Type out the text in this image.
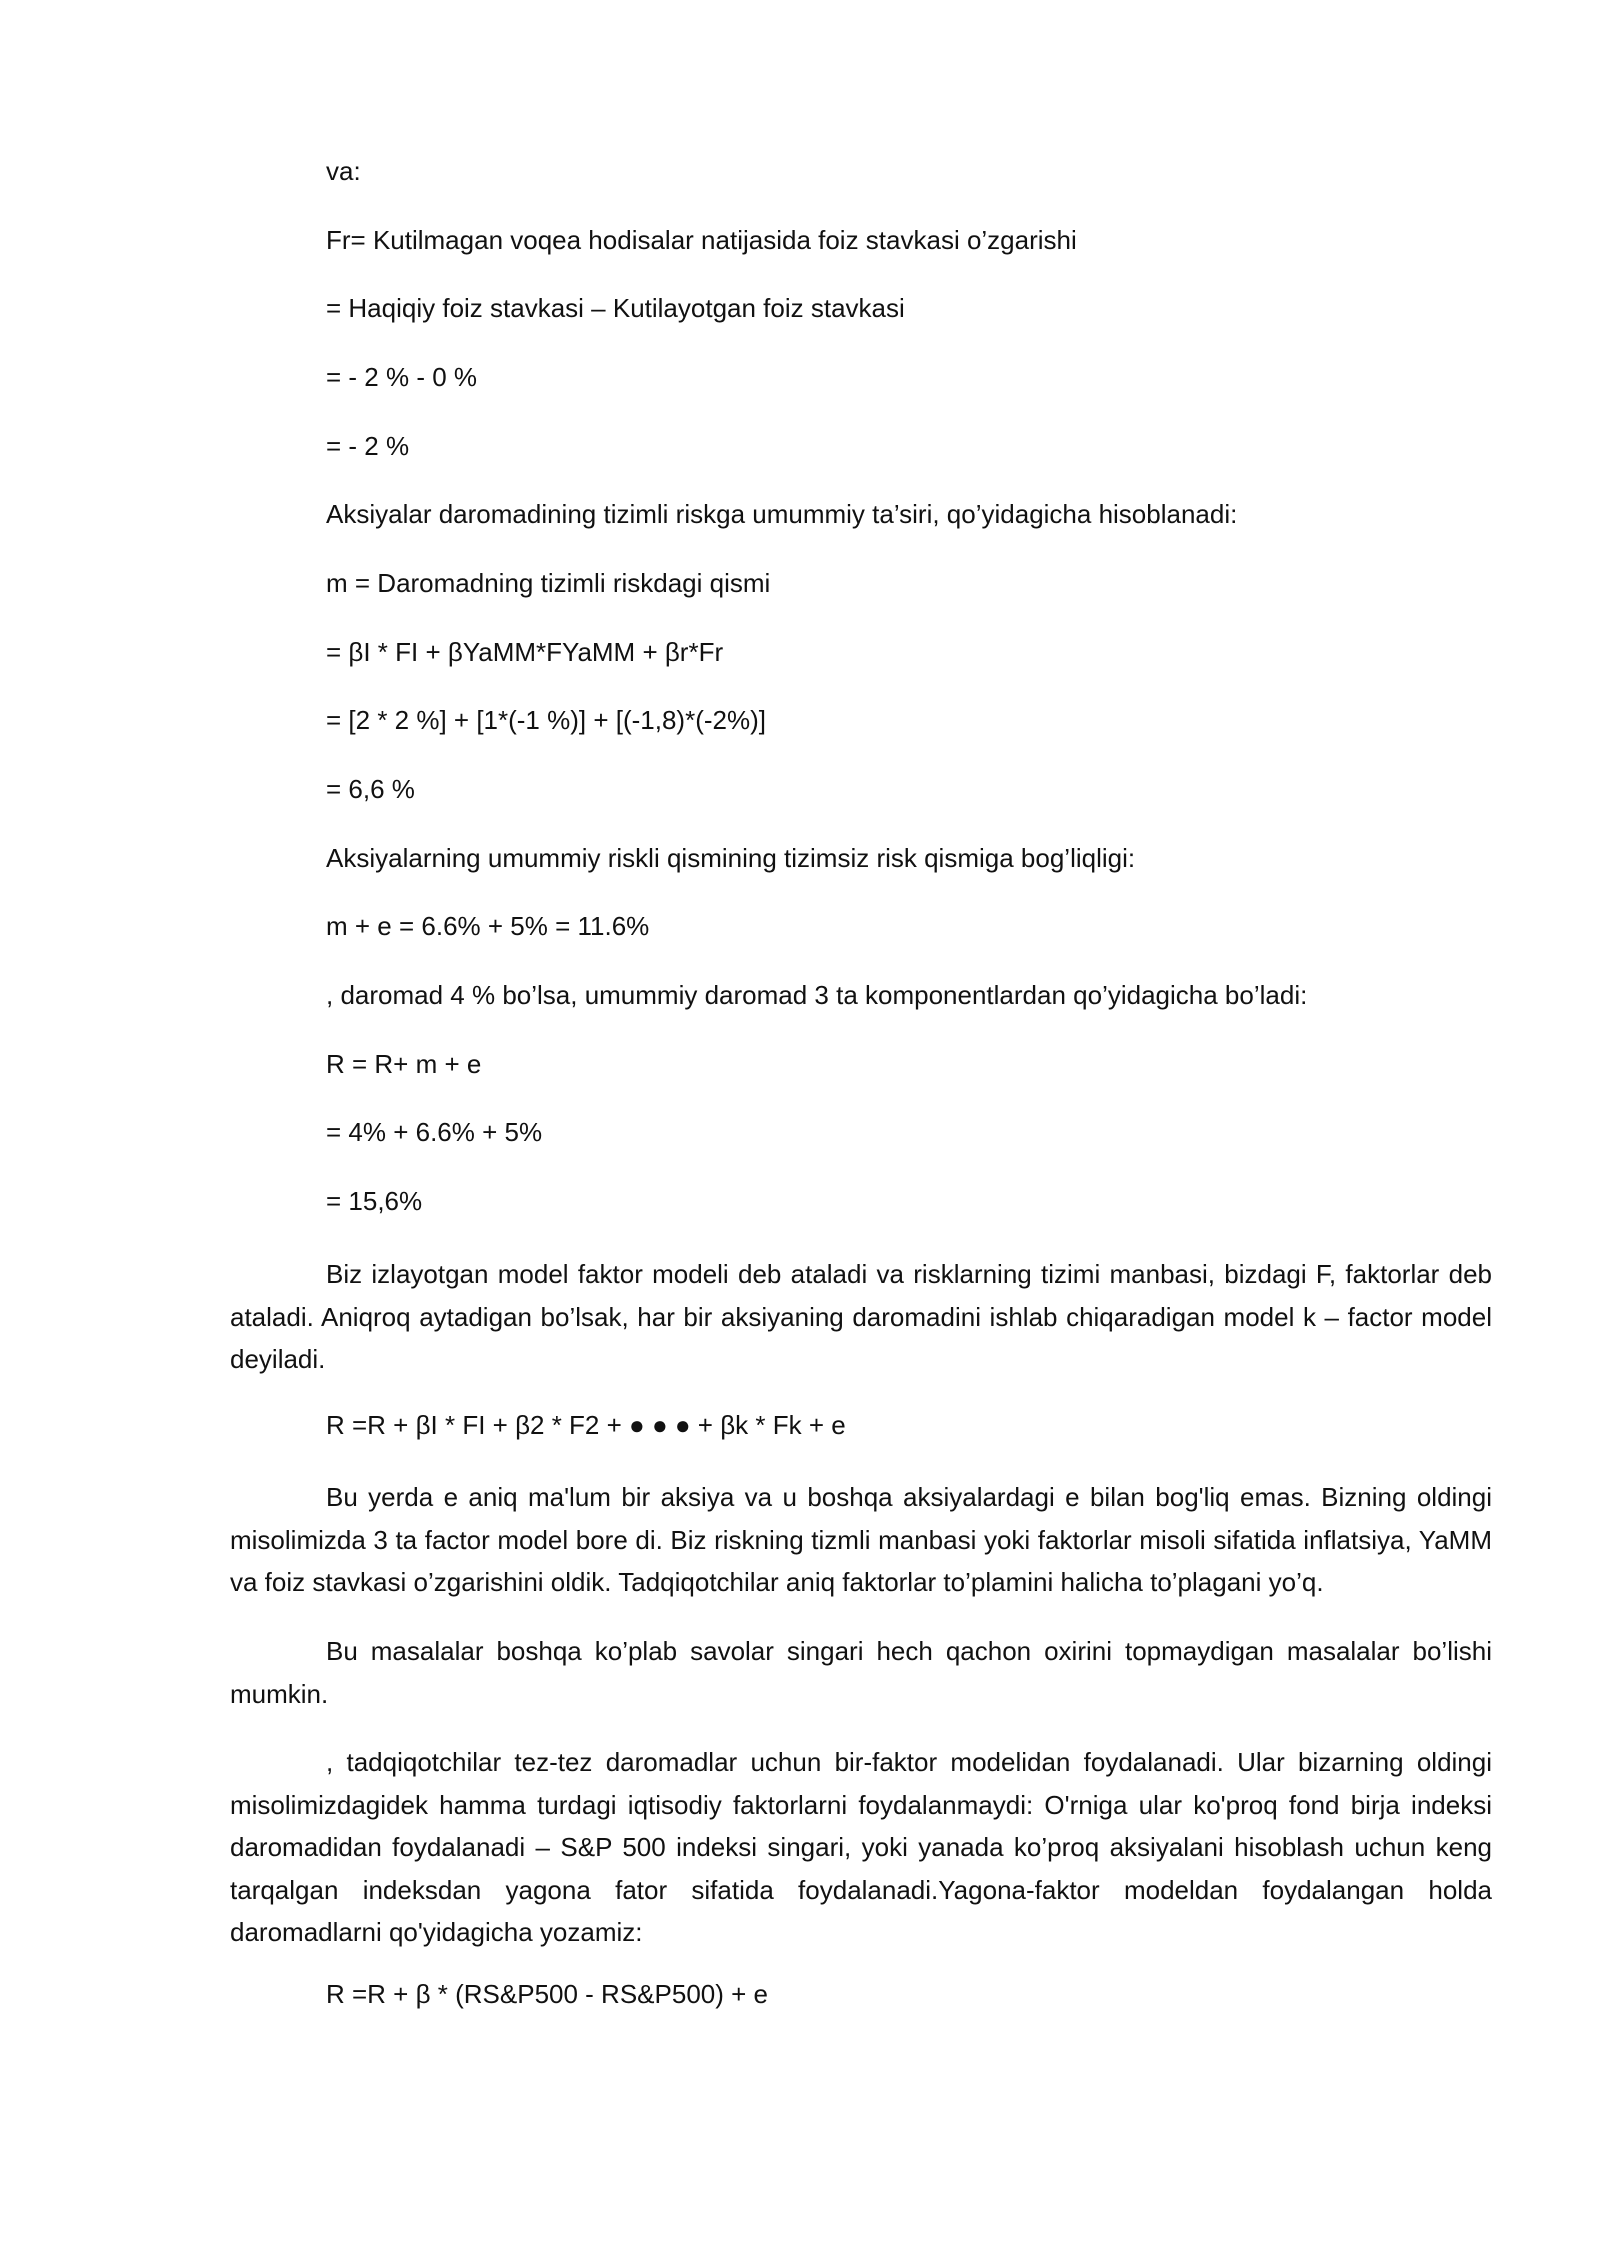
va:

Fr= Kutilmagan voqea hodisalar natijasida foiz stavkasi o’zgarishi

= Haqiqiy foiz stavkasi – Kutilayotgan foiz stavkasi

= - 2 % - 0 %

= - 2 %

Aksiyalar daromadining tizimli riskga umummiy ta’siri, qo’yidagicha hisoblanadi:

m = Daromadning tizimli riskdagi qismi

= βI * FI + βYaMM*FYaMM + βr*Fr

= [2 * 2 %] + [1*(-1 %)] + [(-1,8)*(-2%)]

= 6,6 %

Aksiyalarning umummiy riskli qismining tizimsiz risk qismiga bog’liqligi:

m + e = 6.6% + 5% = 11.6%

, daromad 4 % bo’lsa, umummiy daromad 3 ta komponentlardan qo’yidagicha bo’ladi:

R = R+ m + e

= 4% + 6.6% + 5%

= 15,6%

Biz izlayotgan model faktor modeli deb ataladi va risklarning tizimi manbasi, bizdagi F, faktorlar deb ataladi. Aniqroq aytadigan bo’lsak, har bir aksiyaning daromadini ishlab chiqaradigan model k – factor model deyiladi.

R =R + βI * FI + β2 * F2 + ● ● ● + βk * Fk + e

Bu yerda e aniq ma'lum bir aksiya va u boshqa aksiyalardagi e bilan bog'liq emas. Bizning oldingi misolimizda 3 ta factor model bore di. Biz riskning tizmli manbasi yoki faktorlar misoli sifatida inflatsiya, YaMM va foiz stavkasi o’zgarishini oldik. Tadqiqotchilar aniq faktorlar to’plamini halicha to’plagani yo’q.

Bu masalalar boshqa ko’plab savolar singari hech qachon oxirini topmaydigan masalalar bo’lishi mumkin.

, tadqiqotchilar tez-tez daromadlar uchun bir-faktor modelidan foydalanadi. Ular bizarning oldingi misolimizdagidek hamma turdagi iqtisodiy faktorlarni foydalanmaydi: O'rniga ular ko'proq fond birja indeksi daromadidan foydalanadi – S&P 500 indeksi singari, yoki yanada ko’proq aksiyalani hisoblash uchun keng tarqalgan indeksdan yagona fator sifatida foydalanadi.Yagona-faktor modeldan foydalangan holda daromadlarni qo'yidagicha yozamiz:

R =R + β * (RS&P500 - RS&P500) + e
